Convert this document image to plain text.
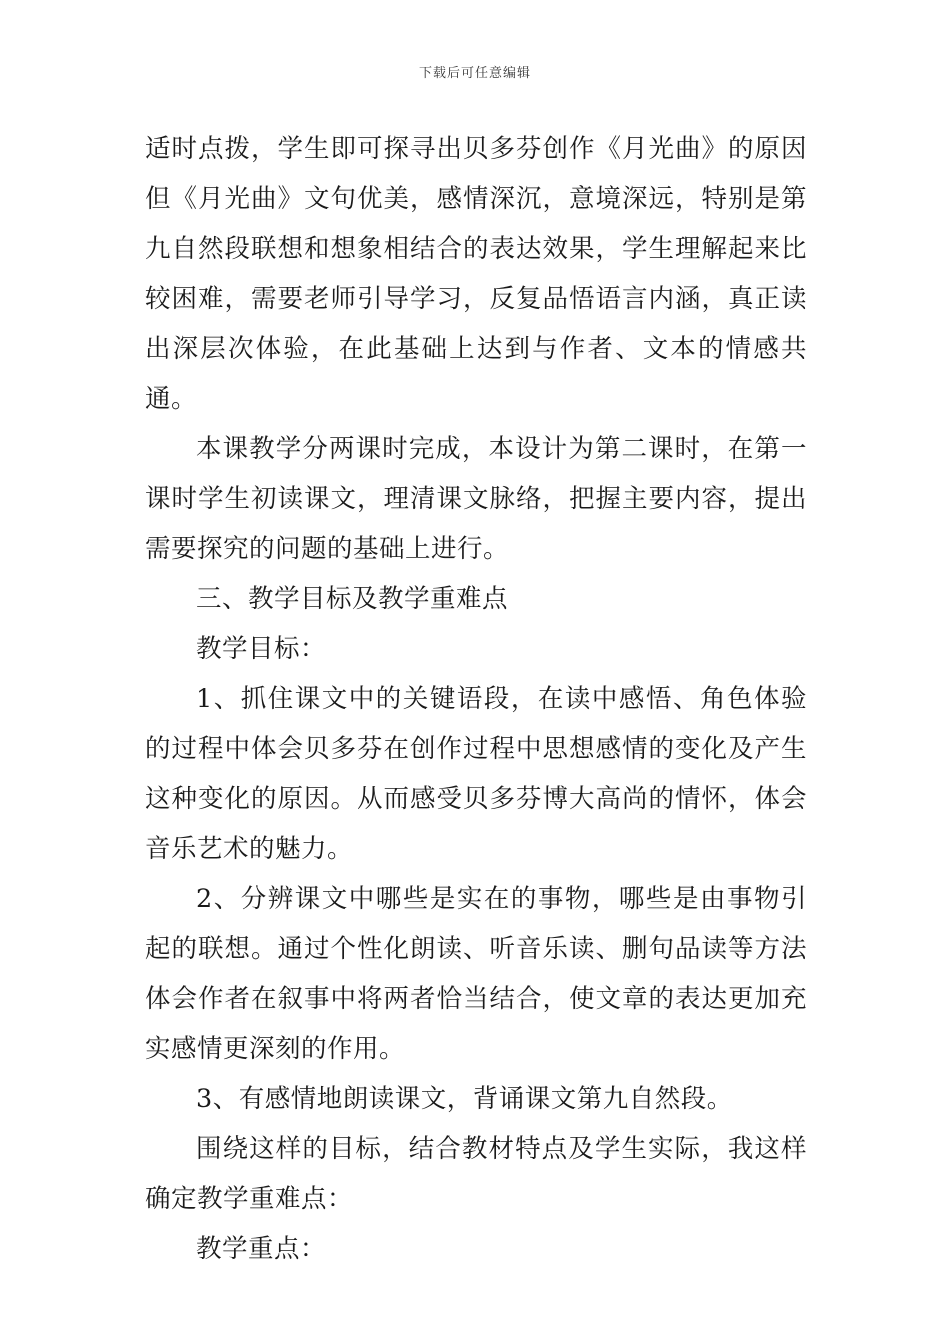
下载后可任意编辑

适时点拨，学生即可探寻出贝多芬创作《月光曲》的原因但《月光曲》文句优美，感情深沉，意境深远，特别是第九自然段联想和想象相结合的表达效果，学生理解起来比较困难，需要老师引导学习，反复品悟语言内涵，真正读出深层次体验，在此基础上达到与作者、文本的情感共通。

本课教学分两课时完成，本设计为第二课时，在第一课时学生初读课文，理清课文脉络，把握主要内容，提出需要探究的问题的基础上进行。

三、教学目标及教学重难点

教学目标：

1、抓住课文中的关键语段，在读中感悟、角色体验的过程中体会贝多芬在创作过程中思想感情的变化及产生这种变化的原因。从而感受贝多芬博大高尚的情怀，体会音乐艺术的魅力。

2、分辨课文中哪些是实在的事物，哪些是由事物引起的联想。通过个性化朗读、听音乐读、删句品读等方法体会作者在叙事中将两者恰当结合，使文章的表达更加充实感情更深刻的作用。

3、有感情地朗读课文，背诵课文第九自然段。

围绕这样的目标，结合教材特点及学生实际，我这样确定教学重难点：

教学重点：
